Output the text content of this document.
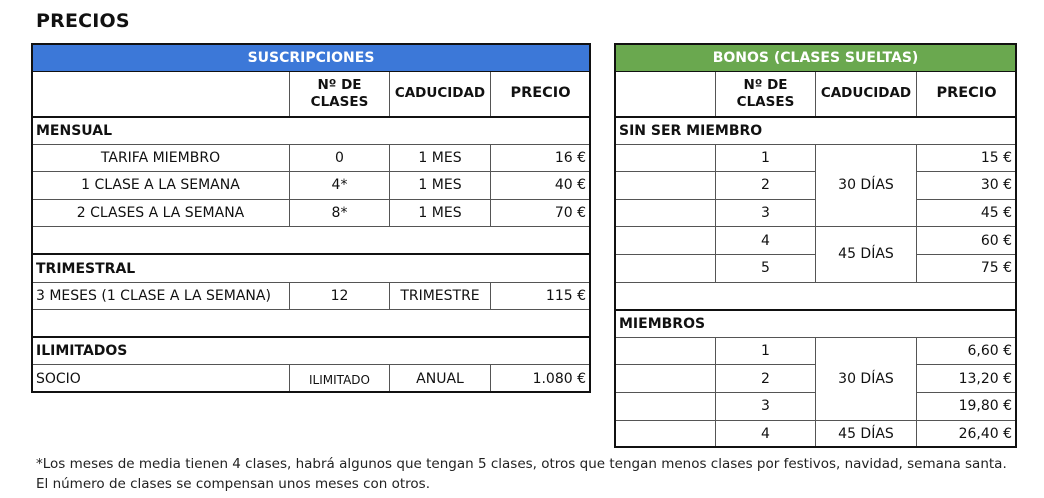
PRECIOS
SUSCRIPCIONES			
	Nº DE CLASES	CADUCIDAD	PRECIO
MENSUAL			
TARIFA MIEMBRO	0	1 MES	16 €
1 CLASE A LA SEMANA	4*	1 MES	40 €
2 CLASES A LA SEMANA	8*	1 MES	70 €

TRIMESTRAL			
3 MESES (1 CLASE A LA SEMANA)	12	TRIMESTRE	115 €

ILIMITADOS			
SOCIO	ILIMITADO	ANUAL	1.080 €
BONOS (CLASES SUELTAS)			
	Nº DE CLASES	CADUCIDAD	PRECIO
SIN SER MIEMBRO			
	1	30 DÍAS	15 €
	2		30 €
	3		45 €
	4	45 DÍAS	60 €
	5		75 €

MIEMBROS			
	1	30 DÍAS	6,60 €
	2		13,20 €
	3		19,80 €
	4	45 DÍAS	26,40 €
*Los meses de media tienen 4 clases, habrá algunos que tengan 5 clases, otros que tengan menos clases por festivos, navidad, semana santa. El número de clases se compensan unos meses con otros.
